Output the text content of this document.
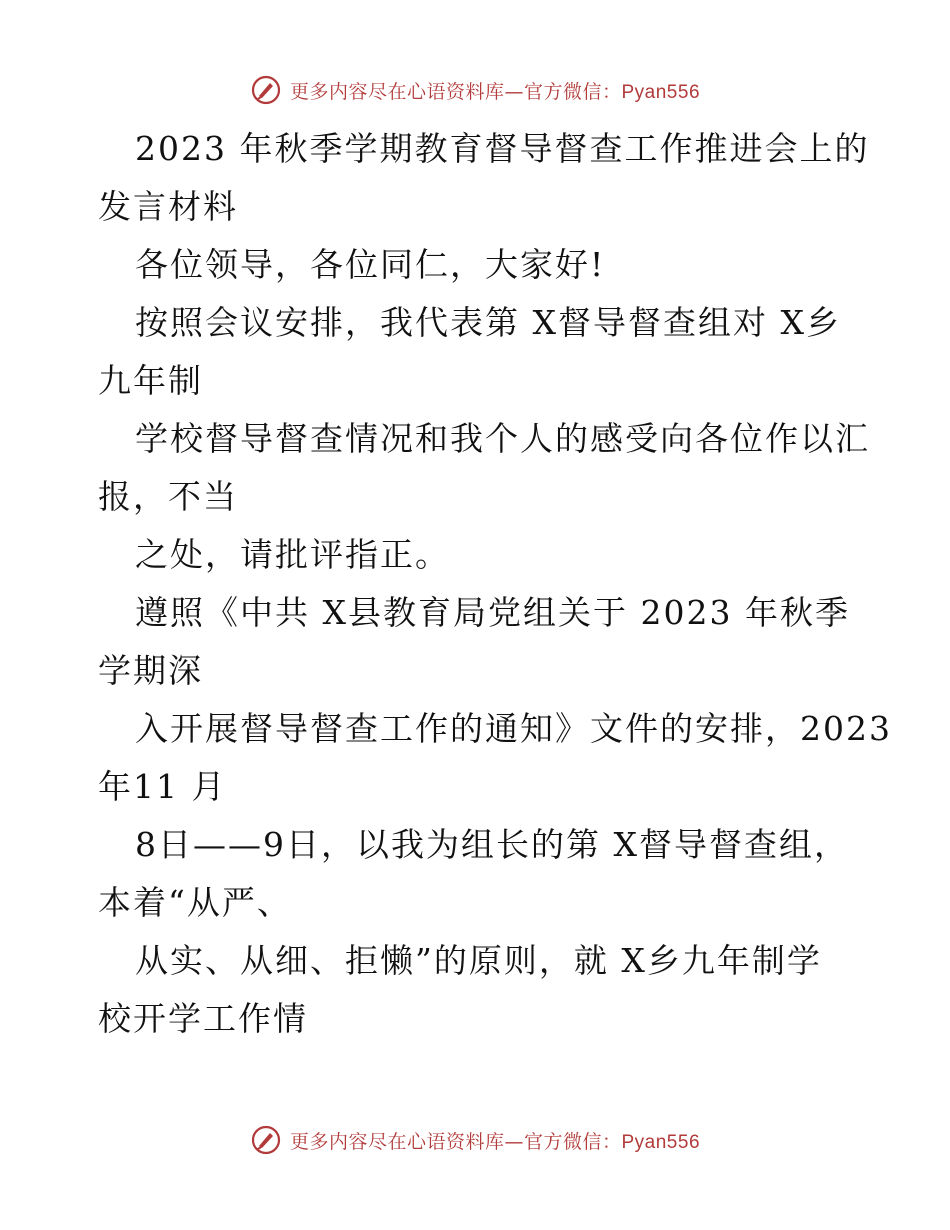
更多内容尽在心语资料库—官方微信：Pyan556
2023 年秋季学期教育督导督查工作推进会上的
发言材料
各位领导，各位同仁，大家好!
按照会议安排，我代表第 X督导督查组对 X乡
九年制
学校督导督查情况和我个人的感受向各位作以汇
报，不当
之处，请批评指正。
遵照《中共 X县教育局党组关于 2023 年秋季
学期深
入开展督导督查工作的通知》文件的安排，2023
年11 月
8日——9日，以我为组长的第 X督导督查组，
本着“从严、
从实、从细、拒懒”的原则，就 X乡九年制学
校开学工作情
更多内容尽在心语资料库—官方微信：Pyan556
